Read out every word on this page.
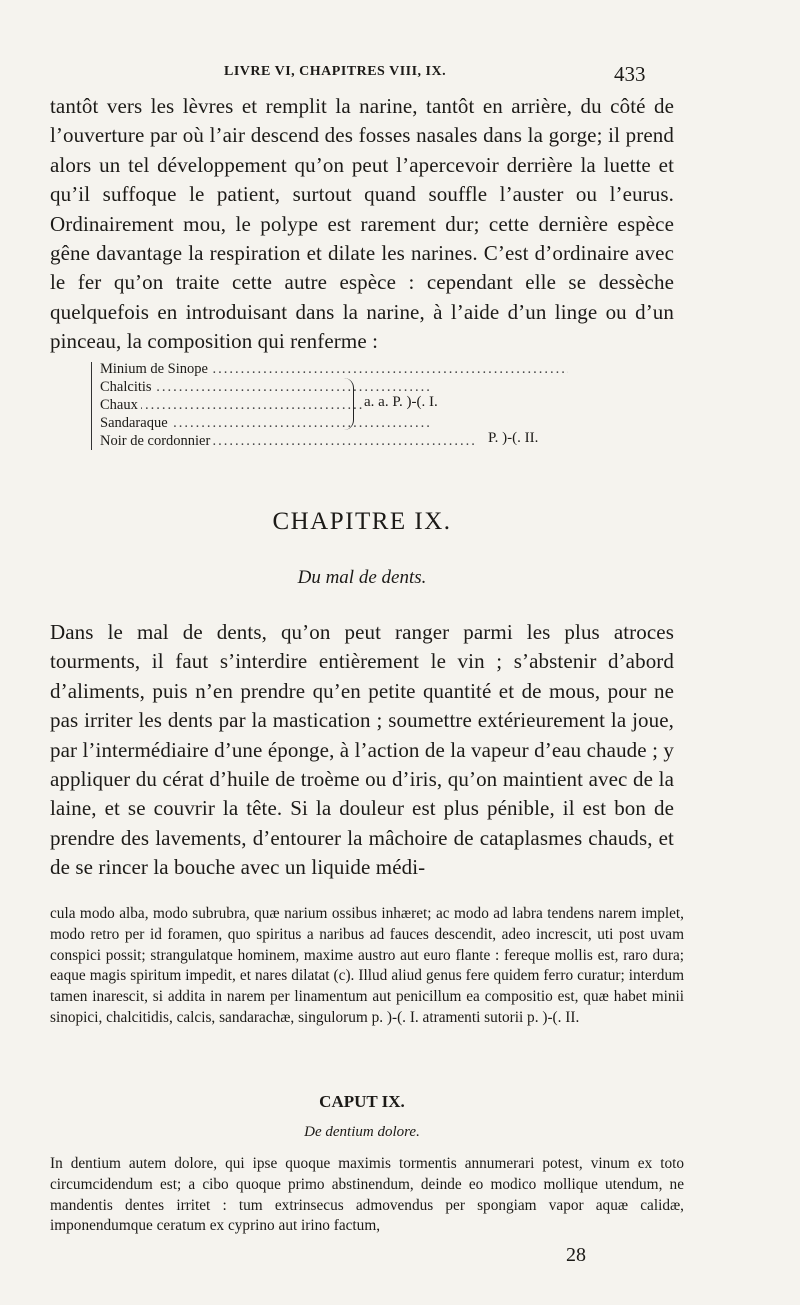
LIVRE VI, CHAPITRES VIII, IX.	433

tantôt vers les lèvres et remplit la narine, tantôt en arrière, du côté de l’ouverture par où l’air descend des fosses nasales dans la gorge; il prend alors un tel développement qu’on peut l’apercevoir derrière la luette et qu’il suffoque le patient, surtout quand souffle l’auster ou l’eurus. Ordinairement mou, le polype est rarement dur; cette dernière espèce gêne davantage la respiration et dilate les narines. C’est d’ordinaire avec le fer qu’on traite cette autre espèce : cependant elle se dessèche quelquefois en introduisant dans la narine, à l’aide d’un linge ou d’un pinceau, la composition qui renferme :

.....
Minium de Sinope
.....
Chalcitis
.....
Chaux
.....
Sandaraque
.....
Noir de cordonnier
a. a. P. )-(. I.
P. )-(. II.
CHAPITRE IX.
Du mal de dents.

Dans le mal de dents, qu’on peut ranger parmi les plus atroces tourments, il faut s’interdire entièrement le vin ; s’abstenir d’abord d’aliments, puis n’en prendre qu’en petite quantité et de mous, pour ne pas irriter les dents par la mastication ; soumettre extérieurement la joue, par l’intermédiaire d’une éponge, à l’action de la vapeur d’eau chaude ; y appliquer du cérat d’huile de troème ou d’iris, qu’on maintient avec de la laine, et se couvrir la tête. Si la douleur est plus pénible, il est bon de prendre des lavements, d’entourer la mâchoire de cataplasmes chauds, et de se rincer la bouche avec un liquide médi-

cula modo alba, modo subrubra, quæ narium ossibus inhæret; ac modo ad labra tendens narem implet, modo retro per id foramen, quo spiritus a naribus ad fauces descendit, adeo increscit, uti post uvam conspici possit; strangulatque hominem, maxime austro aut euro flante : fereque mollis est, raro dura; eaque magis spiritum impedit, et nares dilatat (c). Illud aliud genus fere quidem ferro curatur; interdum tamen inarescit, si addita in narem per linamentum aut penicillum ea compositio est, quæ habet minii sinopici, chalcitidis, calcis, sandarachæ, singulorum p. )-(. I. atramenti sutorii p. )-(. II.

CAPUT IX.
De dentium dolore.

In dentium autem dolore, qui ipse quoque maximis tormentis annumerari potest, vinum ex toto circumcidendum est; a cibo quoque primo abstinendum, deinde eo modico mollique utendum, ne mandentis dentes irritet : tum extrinsecus admovendus per spongiam vapor aquæ calidæ, imponendumque ceratum ex cyprino aut irino factum,

28
